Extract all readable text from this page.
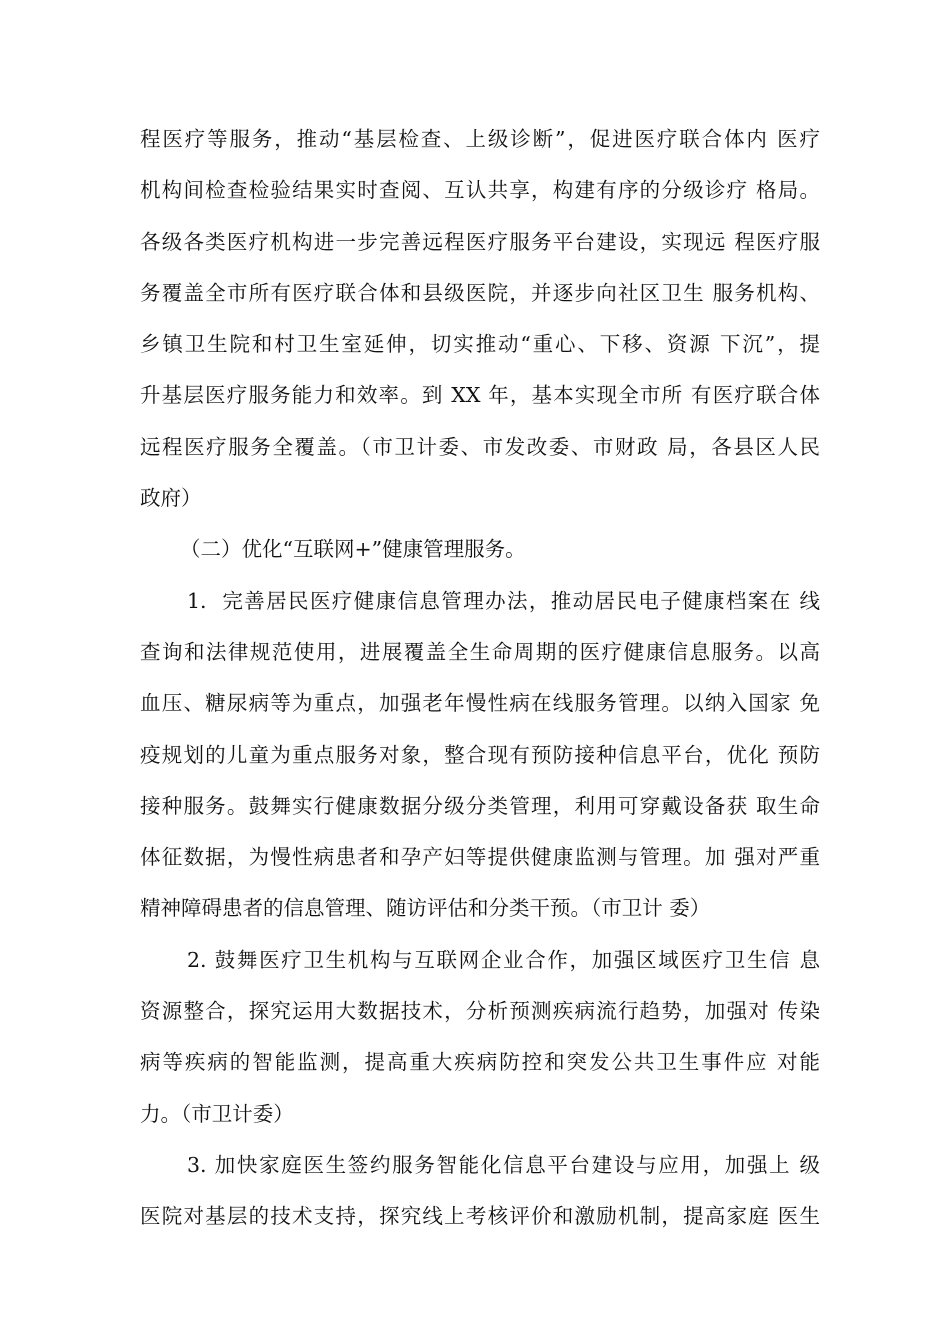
程医疗等服务，推动“基层检查、上级诊断”，促进医疗联合体内 医疗
机构间检查检验结果实时查阅、互认共享，构建有序的分级诊疗 格局。
各级各类医疗机构进一步完善远程医疗服务平台建设，实现远 程医疗服
务覆盖全市所有医疗联合体和县级医院，并逐步向社区卫生 服务机构、
乡镇卫生院和村卫生室延伸，切实推动“重心、下移、资源 下沉”，提
升基层医疗服务能力和效率。到 XX 年，基本实现全市所 有医疗联合体
远程医疗服务全覆盖。（市卫计委、市发改委、市财政 局，各县区人民
政府）
（二）优化“互联网+”健康管理服务。
1.  完善居民医疗健康信息管理办法，推动居民电子健康档案在 线
查询和法律规范使用，进展覆盖全生命周期的医疗健康信息服务。以高
血压、糖尿病等为重点，加强老年慢性病在线服务管理。以纳入国家 免
疫规划的儿童为重点服务对象，整合现有预防接种信息平台，优化 预防
接种服务。鼓舞实行健康数据分级分类管理，利用可穿戴设备获 取生命
体征数据，为慢性病患者和孕产妇等提供健康监测与管理。加 强对严重
精神障碍患者的信息管理、随访评估和分类干预。（市卫计 委）
2. 鼓舞医疗卫生机构与互联网企业合作，加强区域医疗卫生信 息
资源整合，探究运用大数据技术，分析预测疾病流行趋势，加强对 传染
病等疾病的智能监测，提高重大疾病防控和突发公共卫生事件应 对能
力。（市卫计委）
3. 加快家庭医生签约服务智能化信息平台建设与应用，加强上 级
医院对基层的技术支持，探究线上考核评价和激励机制，提高家庭 医生
